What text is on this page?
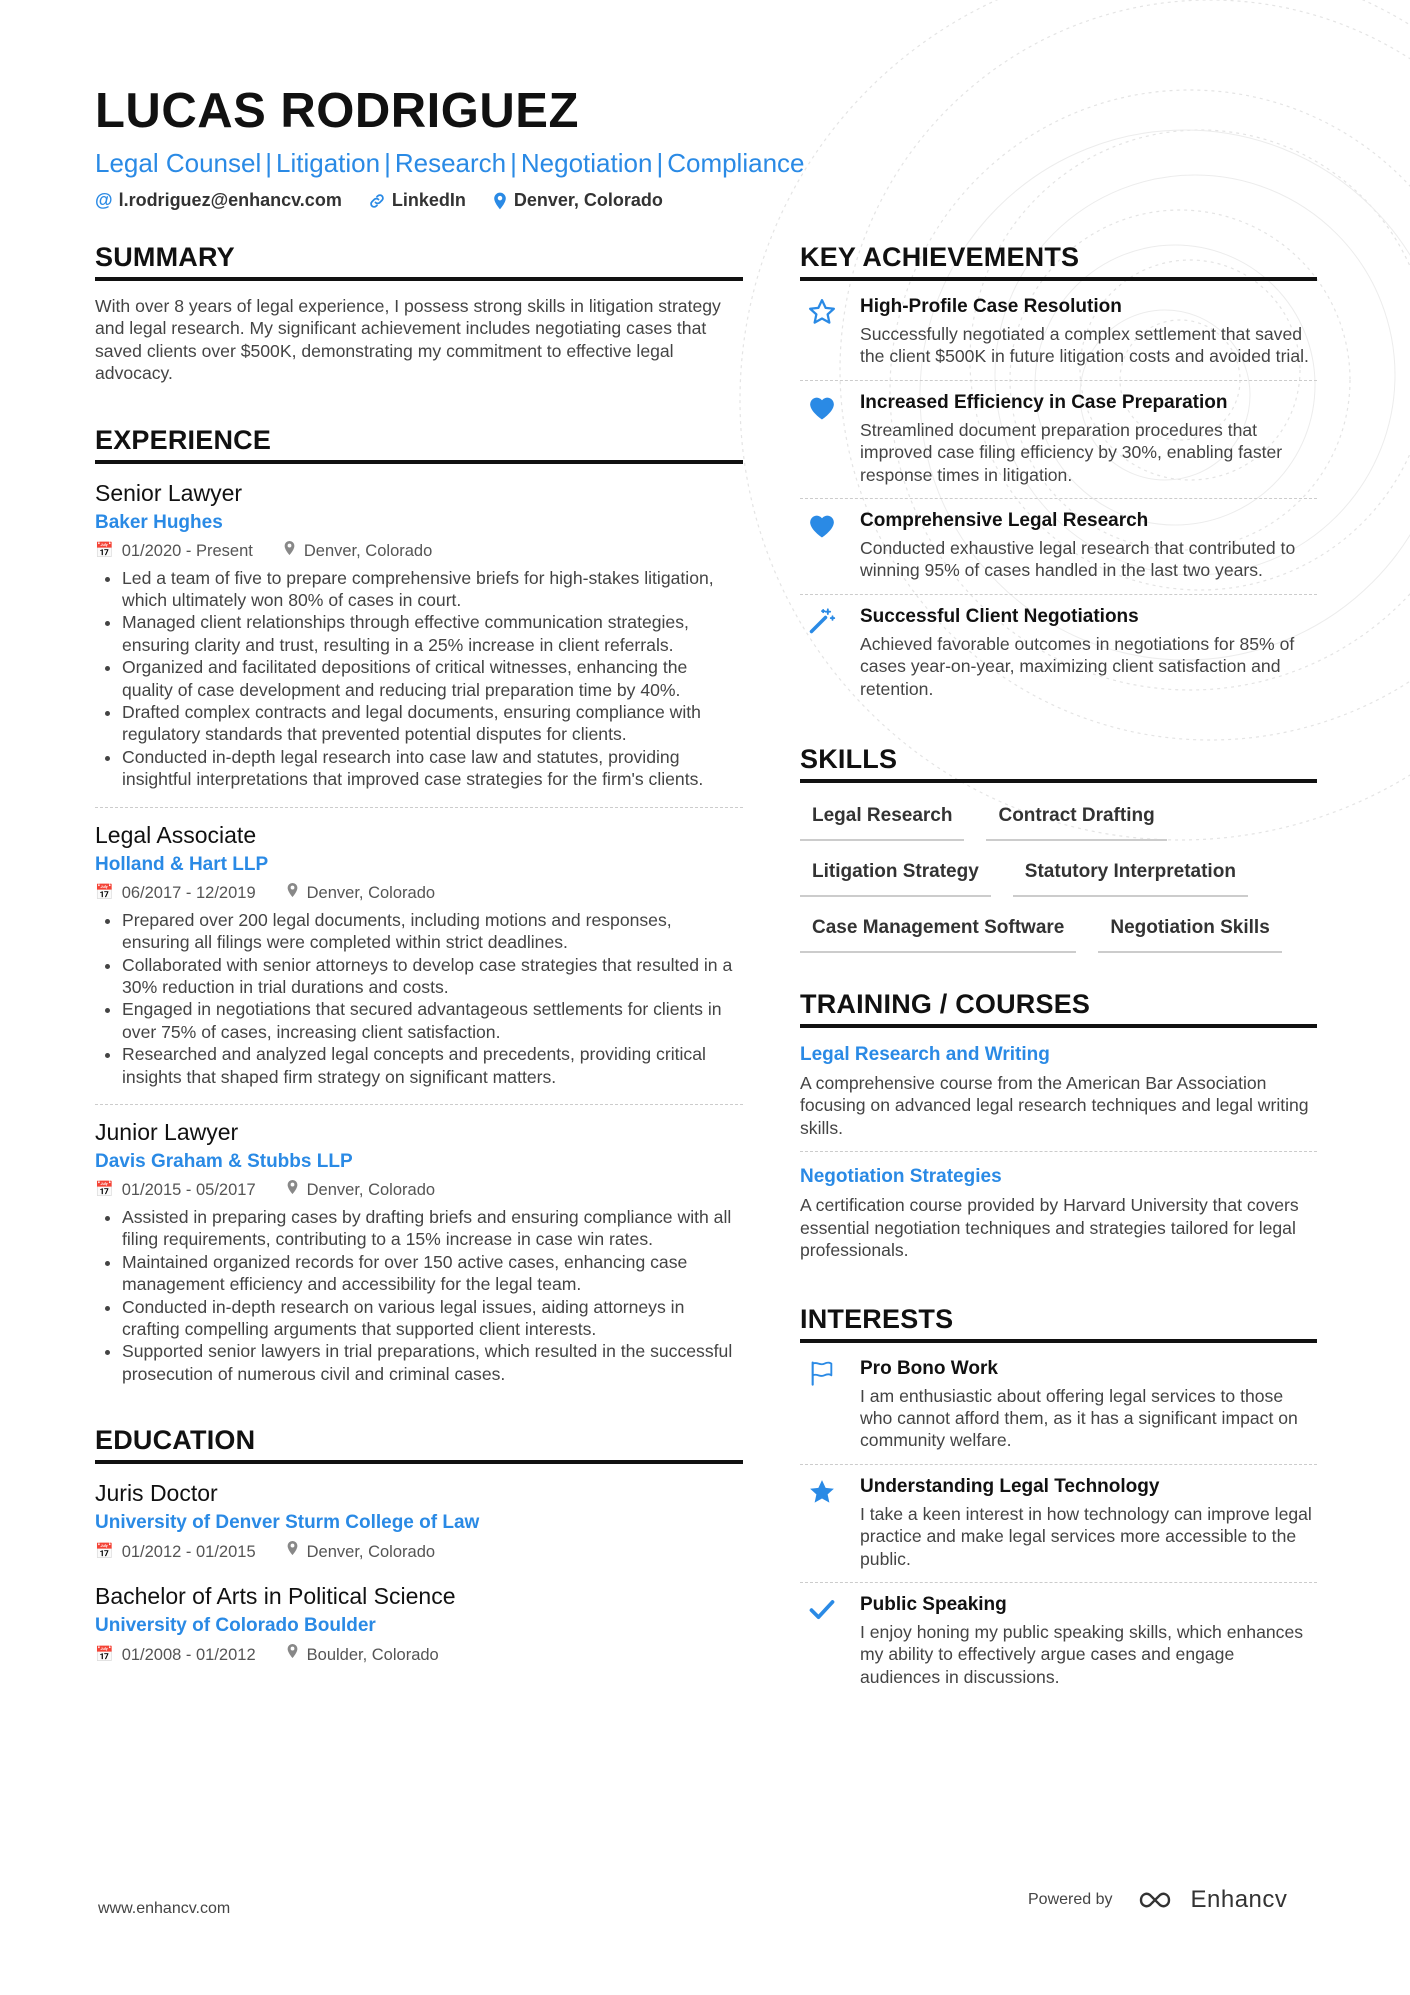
LUCAS RODRIGUEZ
Legal Counsel | Litigation | Research | Negotiation | Compliance
@ l.rodriguez@enhancv.com	LinkedIn	Denver, Colorado
SUMMARY
With over 8 years of legal experience, I possess strong skills in litigation strategy and legal research. My significant achievement includes negotiating cases that saved clients over $500K, demonstrating my commitment to effective legal advocacy.
EXPERIENCE
Senior Lawyer
Baker Hughes
📅 01/2020 - Present	Denver, Colorado
• Led a team of five to prepare comprehensive briefs for high-stakes litigation, which ultimately won 80% of cases in court.
• Managed client relationships through effective communication strategies, ensuring clarity and trust, resulting in a 25% increase in client referrals.
• Organized and facilitated depositions of critical witnesses, enhancing the quality of case development and reducing trial preparation time by 40%.
• Drafted complex contracts and legal documents, ensuring compliance with regulatory standards that prevented potential disputes for clients.
• Conducted in-depth legal research into case law and statutes, providing insightful interpretations that improved case strategies for the firm's clients.
Legal Associate
Holland & Hart LLP
📅 06/2017 - 12/2019	Denver, Colorado
• Prepared over 200 legal documents, including motions and responses, ensuring all filings were completed within strict deadlines.
• Collaborated with senior attorneys to develop case strategies that resulted in a 30% reduction in trial durations and costs.
• Engaged in negotiations that secured advantageous settlements for clients in over 75% of cases, increasing client satisfaction.
• Researched and analyzed legal concepts and precedents, providing critical insights that shaped firm strategy on significant matters.
Junior Lawyer
Davis Graham & Stubbs LLP
📅 01/2015 - 05/2017	Denver, Colorado
• Assisted in preparing cases by drafting briefs and ensuring compliance with all filing requirements, contributing to a 15% increase in case win rates.
• Maintained organized records for over 150 active cases, enhancing case management efficiency and accessibility for the legal team.
• Conducted in-depth research on various legal issues, aiding attorneys in crafting compelling arguments that supported client interests.
• Supported senior lawyers in trial preparations, which resulted in the successful prosecution of numerous civil and criminal cases.
EDUCATION
Juris Doctor
University of Denver Sturm College of Law
📅 01/2012 - 01/2015	Denver, Colorado
Bachelor of Arts in Political Science
University of Colorado Boulder
📅 01/2008 - 01/2012	Boulder, Colorado
KEY ACHIEVEMENTS
High-Profile Case Resolution
Successfully negotiated a complex settlement that saved the client $500K in future litigation costs and avoided trial.
Increased Efficiency in Case Preparation
Streamlined document preparation procedures that improved case filing efficiency by 30%, enabling faster response times in litigation.
Comprehensive Legal Research
Conducted exhaustive legal research that contributed to winning 95% of cases handled in the last two years.
Successful Client Negotiations
Achieved favorable outcomes in negotiations for 85% of cases year-on-year, maximizing client satisfaction and retention.
SKILLS
Legal Research	Contract Drafting
Litigation Strategy	Statutory Interpretation
Case Management Software	Negotiation Skills
TRAINING / COURSES
Legal Research and Writing
A comprehensive course from the American Bar Association focusing on advanced legal research techniques and legal writing skills.
Negotiation Strategies
A certification course provided by Harvard University that covers essential negotiation techniques and strategies tailored for legal professionals.
INTERESTS
Pro Bono Work
I am enthusiastic about offering legal services to those who cannot afford them, as it has a significant impact on community welfare.
Understanding Legal Technology
I take a keen interest in how technology can improve legal practice and make legal services more accessible to the public.
Public Speaking
I enjoy honing my public speaking skills, which enhances my ability to effectively argue cases and engage audiences in discussions.
www.enhancv.com
Powered by	Enhancv
